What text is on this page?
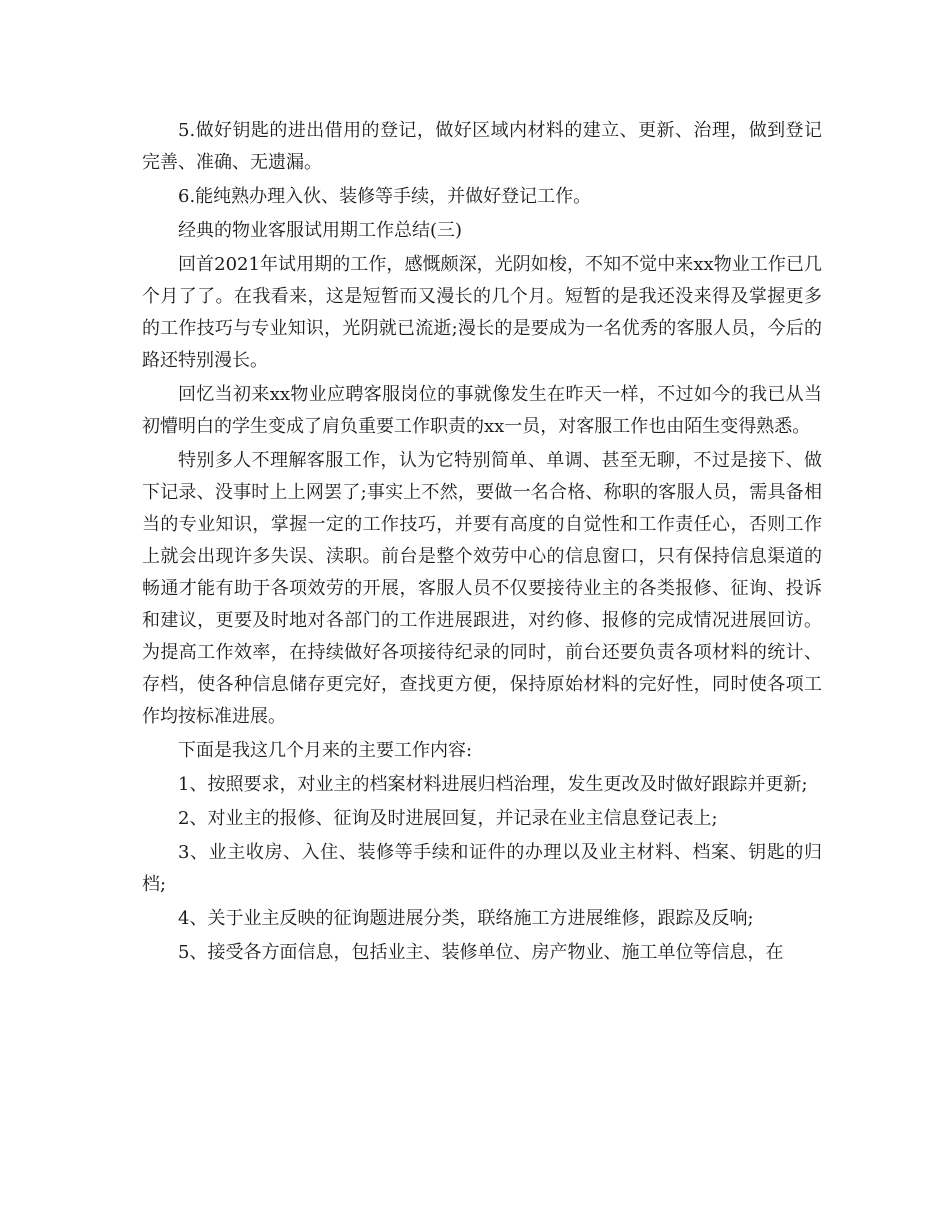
5.做好钥匙的进出借用的登记，做好区域内材料的建立、更新、治理，做到登记完善、准确、无遗漏。

6.能纯熟办理入伙、装修等手续，并做好登记工作。

经典的物业客服试用期工作总结(三)

回首2021年试用期的工作，感慨颇深，光阴如梭，不知不觉中来xx物业工作已几个月了了。在我看来，这是短暂而又漫长的几个月。短暂的是我还没来得及掌握更多的工作技巧与专业知识，光阴就已流逝;漫长的是要成为一名优秀的客服人员，今后的路还特别漫长。

回忆当初来xx物业应聘客服岗位的事就像发生在昨天一样，不过如今的我已从当初懵明白的学生变成了肩负重要工作职责的xx一员，对客服工作也由陌生变得熟悉。

特别多人不理解客服工作，认为它特别简单、单调、甚至无聊，不过是接下、做下记录、没事时上上网罢了;事实上不然，要做一名合格、称职的客服人员，需具备相当的专业知识，掌握一定的工作技巧，并要有高度的自觉性和工作责任心，否则工作上就会出现许多失误、渎职。前台是整个效劳中心的信息窗口，只有保持信息渠道的畅通才能有助于各项效劳的开展，客服人员不仅要接待业主的各类报修、征询、投诉和建议，更要及时地对各部门的工作进展跟进，对约修、报修的完成情况进展回访。为提高工作效率，在持续做好各项接待纪录的同时，前台还要负责各项材料的统计、存档，使各种信息储存更完好，查找更方便，保持原始材料的完好性，同时使各项工作均按标准进展。

下面是我这几个月来的主要工作内容:

1、按照要求，对业主的档案材料进展归档治理，发生更改及时做好跟踪并更新;

2、对业主的报修、征询及时进展回复，并记录在业主信息登记表上;

3、业主收房、入住、装修等手续和证件的办理以及业主材料、档案、钥匙的归档;

4、关于业主反映的征询题进展分类，联络施工方进展维修，跟踪及反响;

5、接受各方面信息，包括业主、装修单位、房产物业、施工单位等信息，在
